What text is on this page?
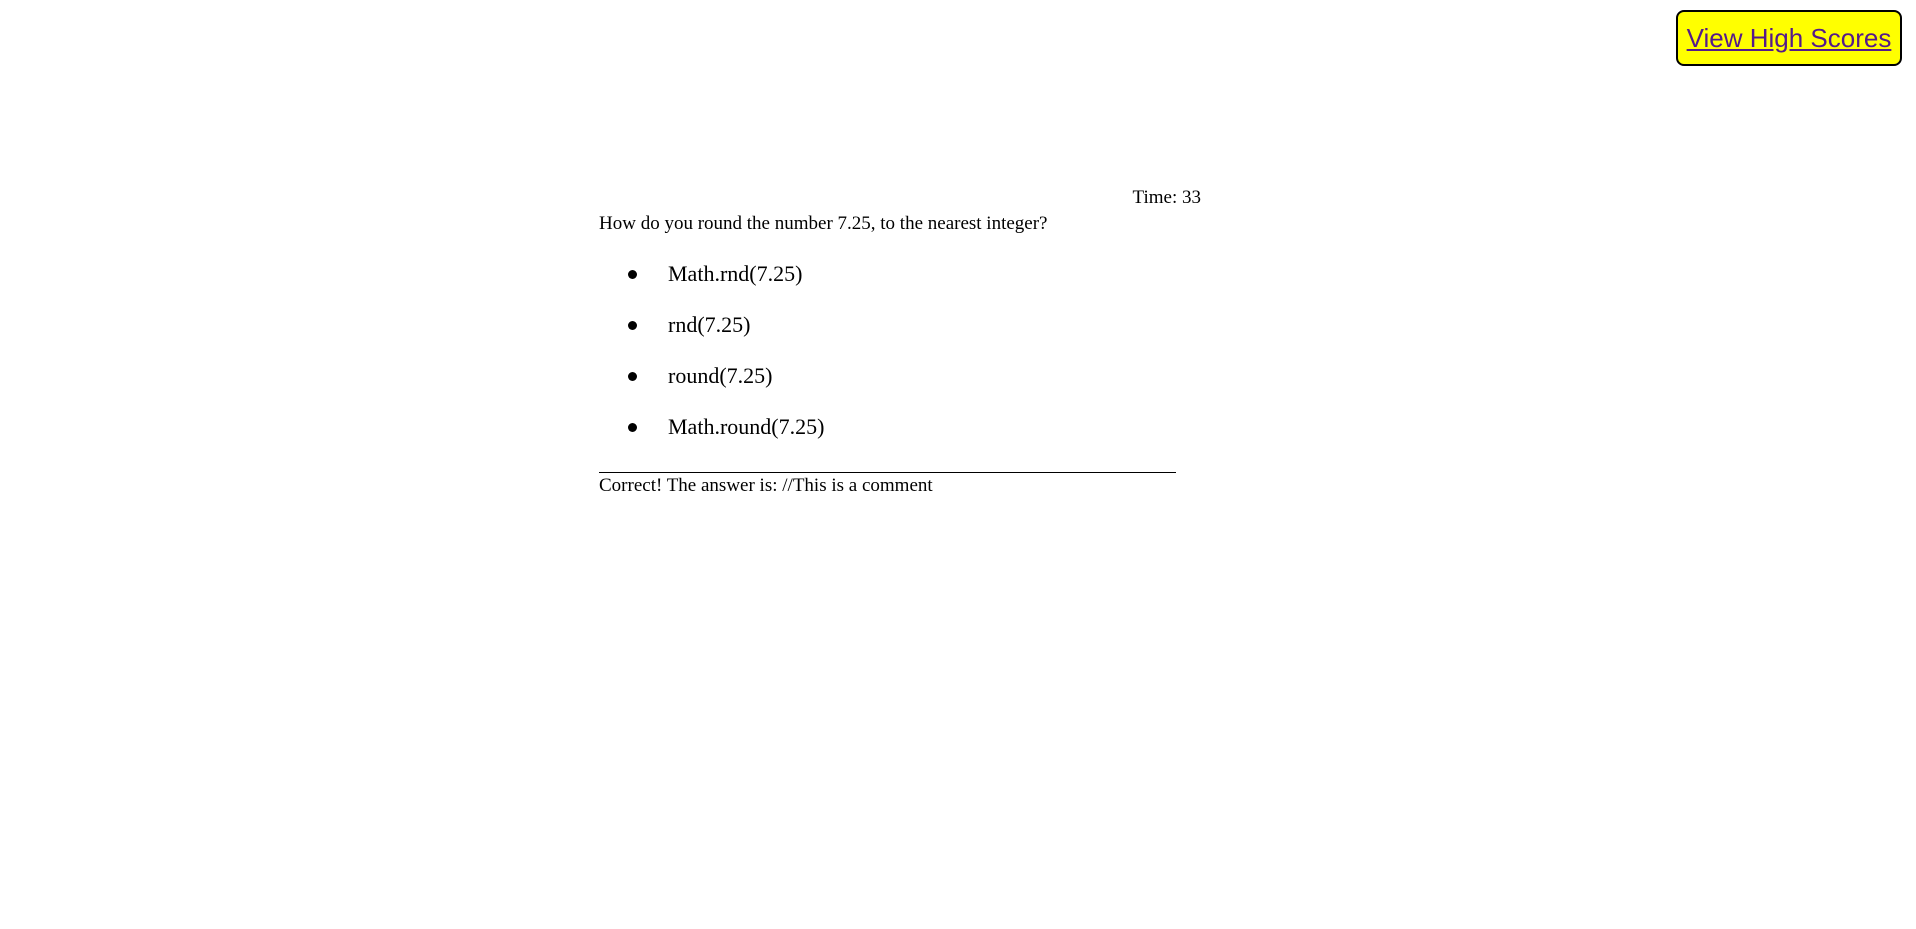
View High Scores
Time: 33
How do you round the number 7.25, to the nearest integer?
Math.rnd(7.25)
rnd(7.25)
round(7.25)
Math.round(7.25)
Correct! The answer is: //This is a comment
